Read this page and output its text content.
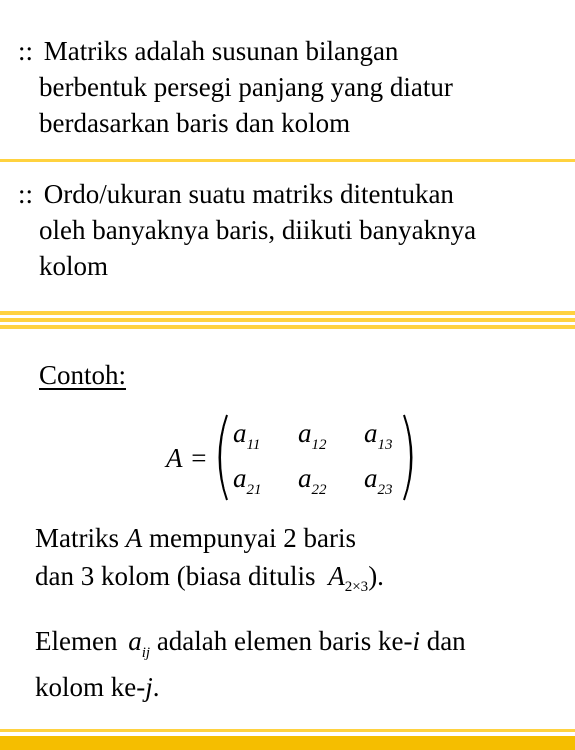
:: Matriks adalah susunan bilangan
berbentuk persegi panjang yang diatur
berdasarkan baris dan kolom
:: Ordo/ukuran suatu matriks ditentukan
oleh banyaknya baris, diikuti banyaknya
kolom
Contoh:
A =
$a_{11}$ $a_{12}$ $a_{13}$
$a_{21}$ $a_{22}$ $a_{23}$
Matriks A mempunyai 2 baris
dan 3 kolom (biasa ditulis $A_{2\times 3}$).
Elemen $a_{ij}$ adalah elemen baris ke-i dan
kolom ke-j.
